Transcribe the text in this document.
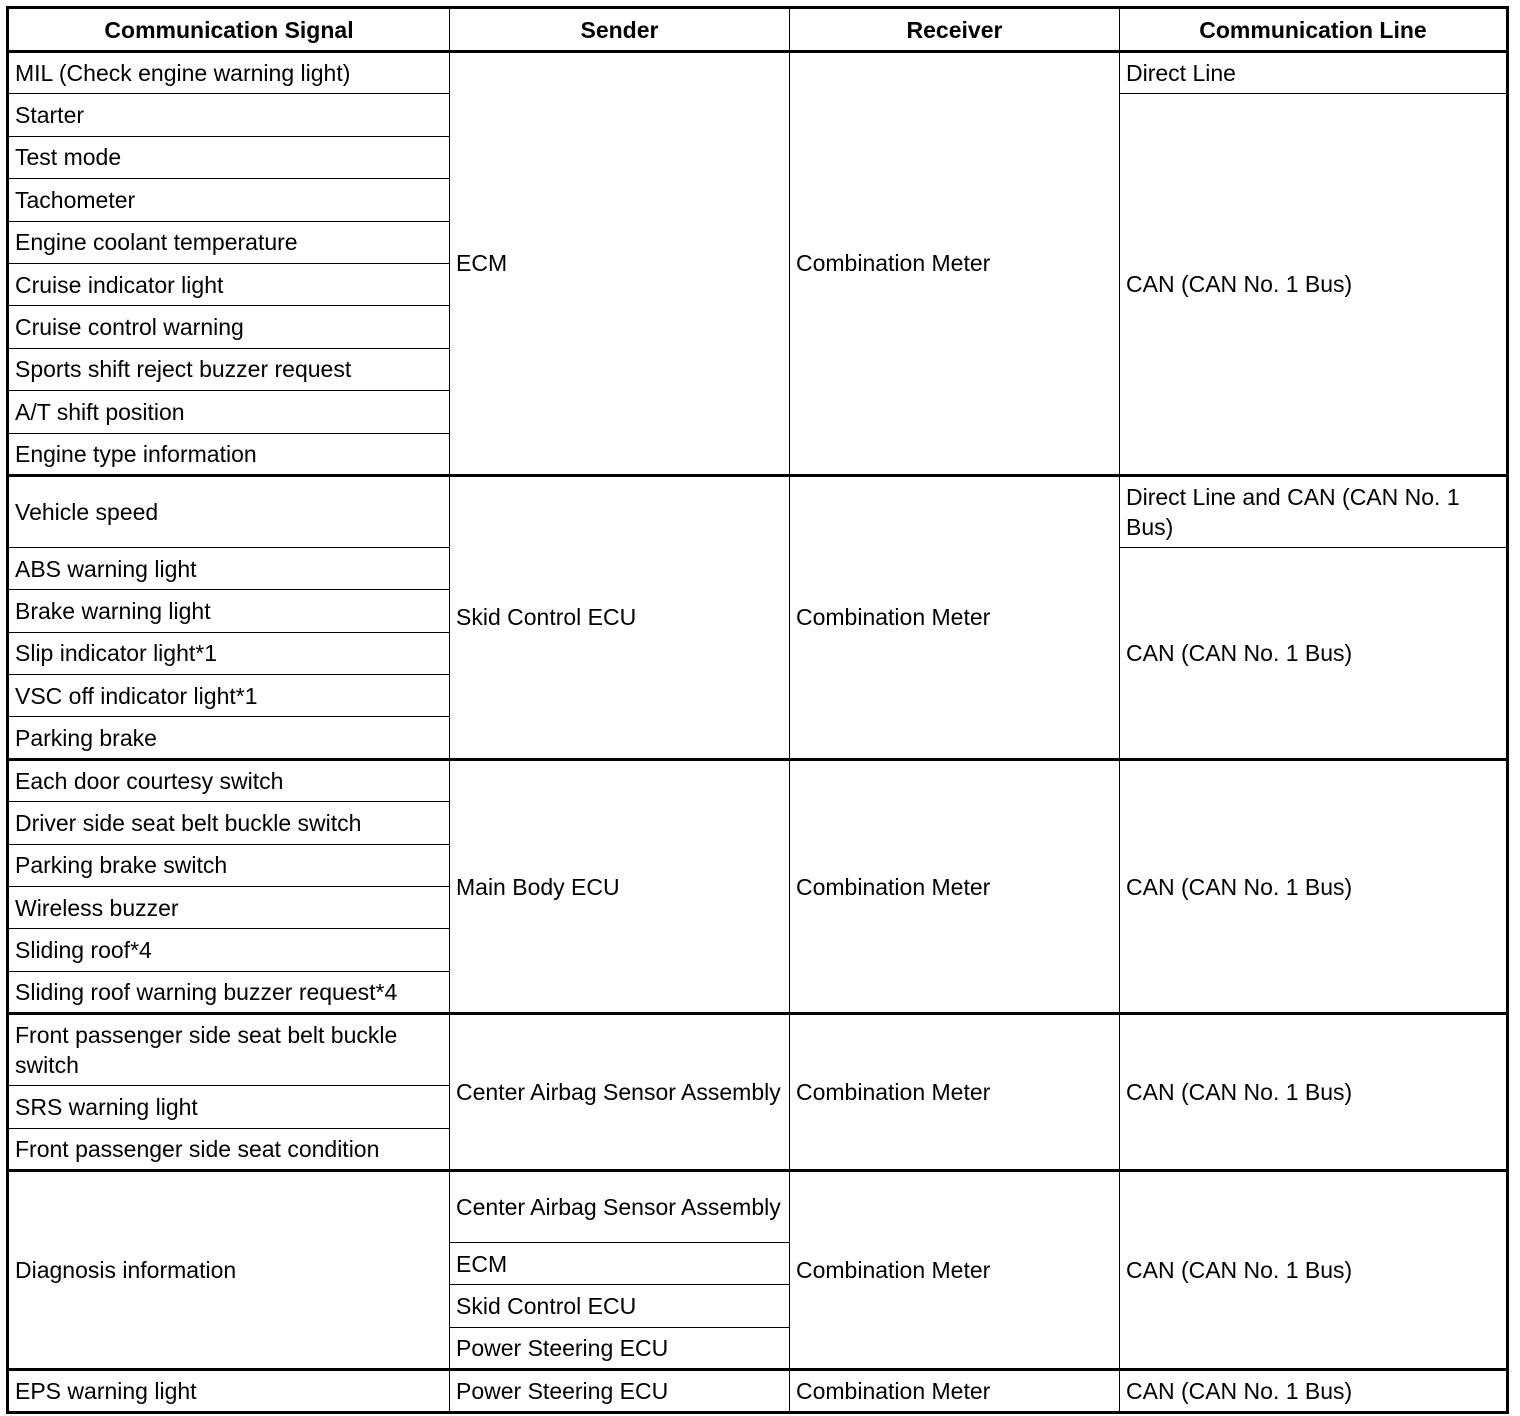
Communication Signal	Sender	Receiver	Communication Line
MIL (Check engine warning light)	ECM	Combination Meter	Direct Line
Starter			CAN (CAN No. 1 Bus)
Test mode			
Tachometer			
Engine coolant temperature			
Cruise indicator light			
Cruise control warning			
Sports shift reject buzzer request			
A/T shift position			
Engine type information			
Vehicle speed	Skid Control ECU	Combination Meter	Direct Line and CAN (CAN No. 1 Bus)
ABS warning light			CAN (CAN No. 1 Bus)
Brake warning light			
Slip indicator light*1			
VSC off indicator light*1			
Parking brake			
Each door courtesy switch	Main Body ECU	Combination Meter	CAN (CAN No. 1 Bus)
Driver side seat belt buckle switch			
Parking brake switch			
Wireless buzzer			
Sliding roof*4			
Sliding roof warning buzzer request*4			
Front passenger side seat belt buckle switch	Center Airbag Sensor Assembly	Combination Meter	CAN (CAN No. 1 Bus)
SRS warning light			
Front passenger side seat condition			
Diagnosis information	Center Airbag Sensor Assembly	Combination Meter	CAN (CAN No. 1 Bus)
	ECM		
	Skid Control ECU		
	Power Steering ECU		
EPS warning light	Power Steering ECU	Combination Meter	CAN (CAN No. 1 Bus)
